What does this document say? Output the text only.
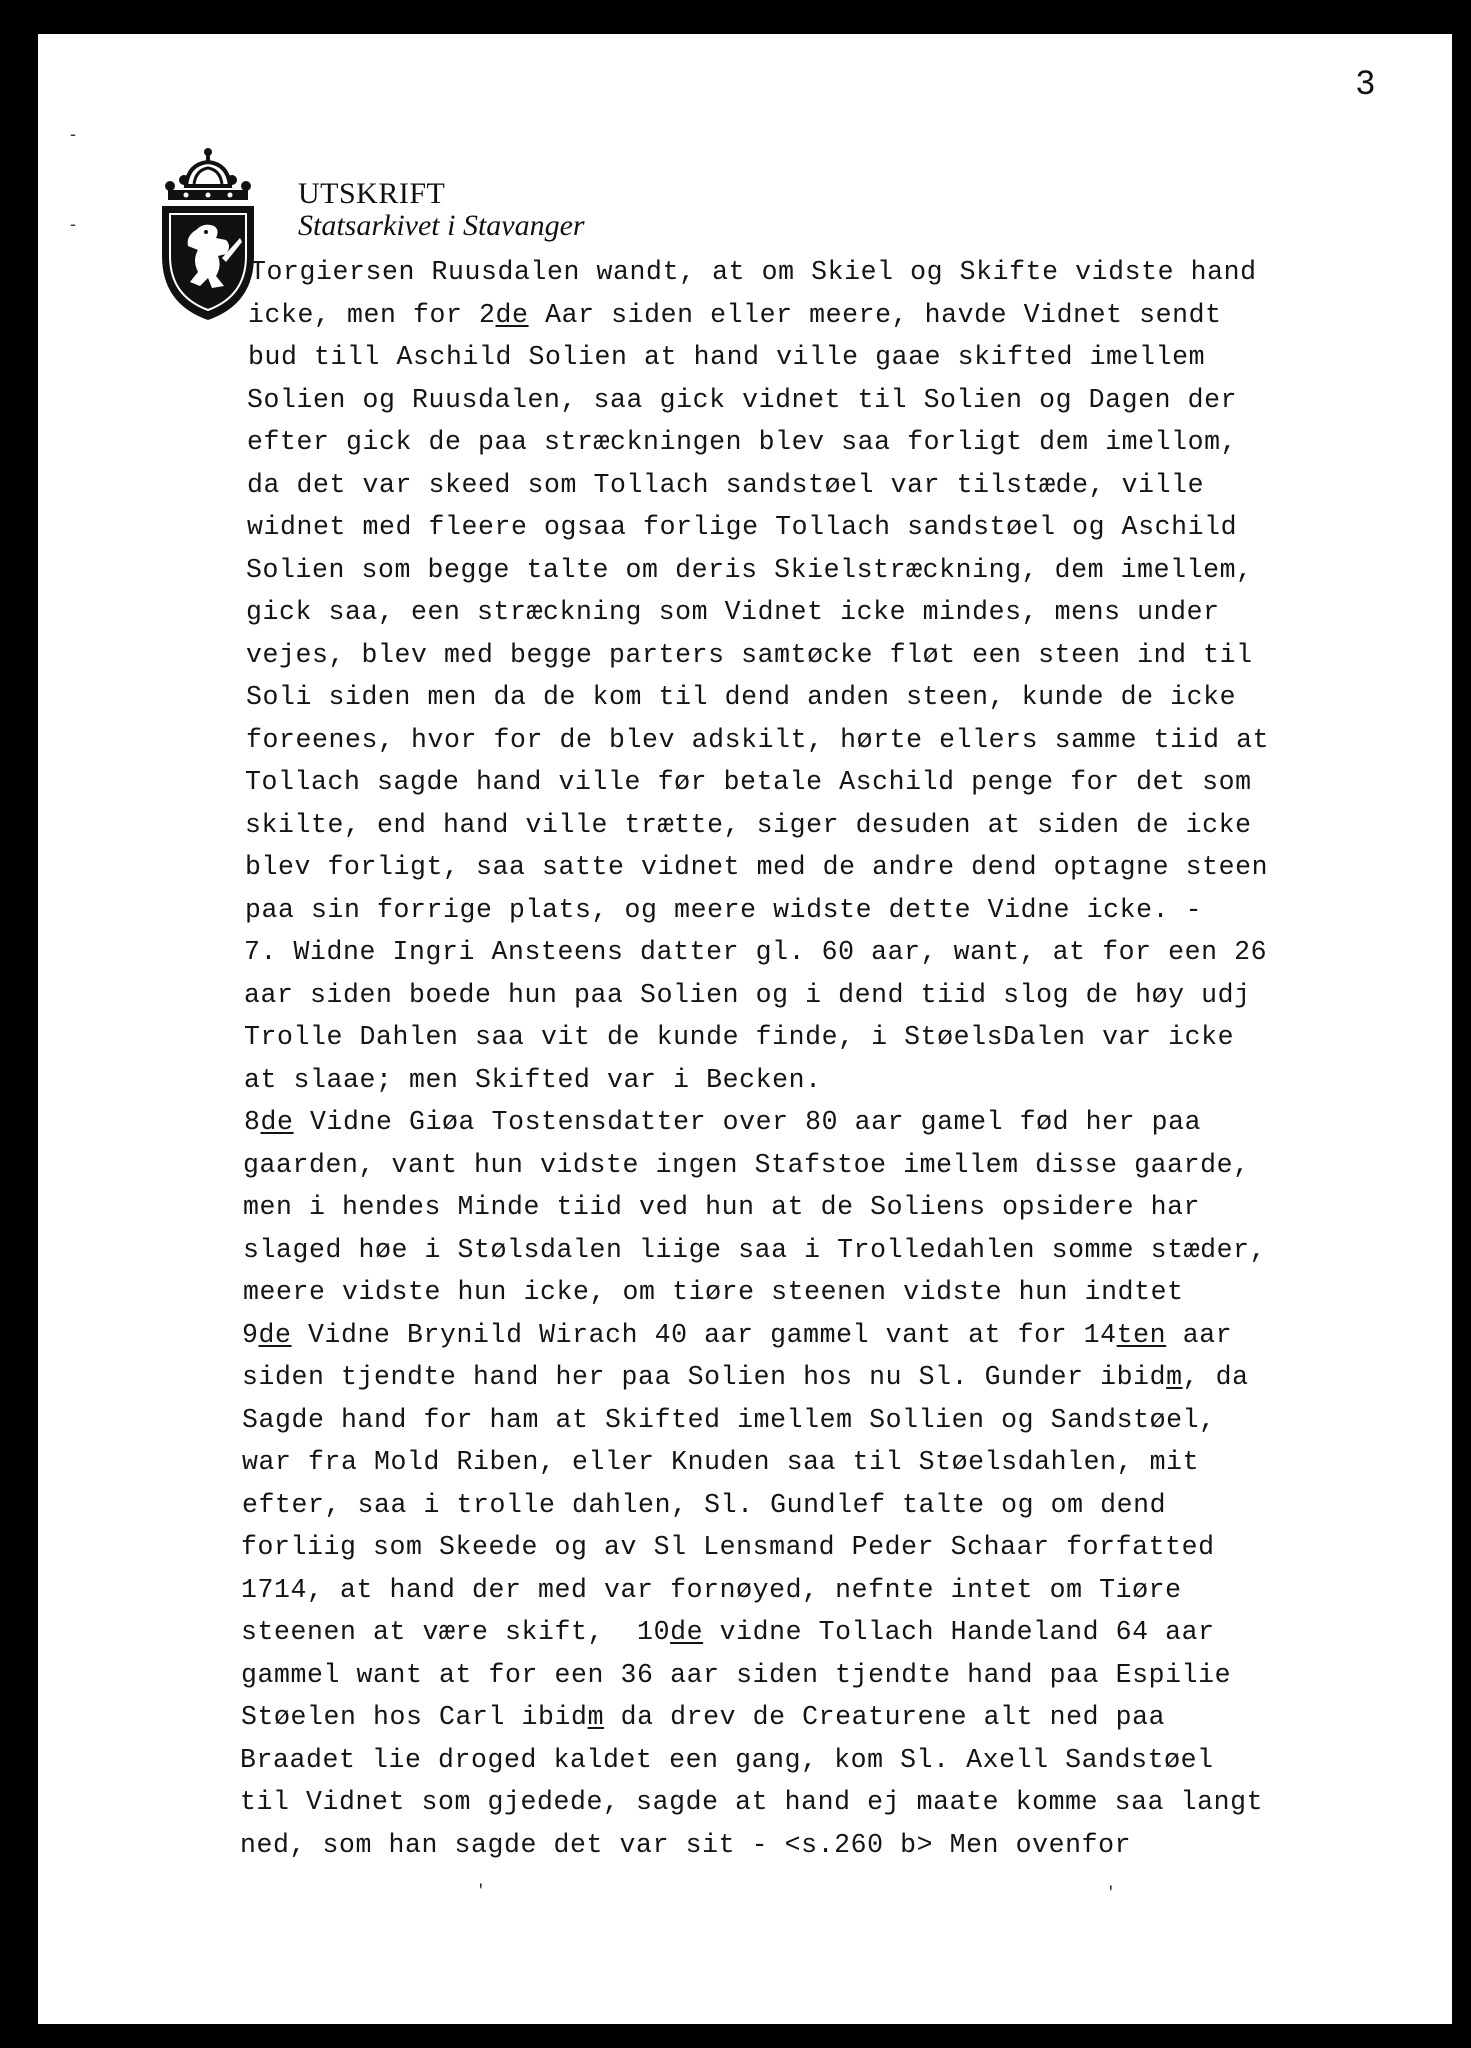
3
-
-
UTSKRIFT
Statsarkivet i Stavanger
Torgiersen Ruusdalen wandt, at om Skiel og Skifte vidste hand
icke, men for 2de Aar siden eller meere, havde Vidnet sendt
bud till Aschild Solien at hand ville gaae skifted imellem
Solien og Ruusdalen, saa gick vidnet til Solien og Dagen der
efter gick de paa stræckningen blev saa forligt dem imellom,
da det var skeed som Tollach sandstøel var tilstæde, ville
widnet med fleere ogsaa forlige Tollach sandstøel og Aschild
Solien som begge talte om deris Skielstræckning, dem imellem,
gick saa, een stræckning som Vidnet icke mindes, mens under
vejes, blev med begge parters samtøcke fløt een steen ind til
Soli siden men da de kom til dend anden steen, kunde de icke
foreenes, hvor for de blev adskilt, hørte ellers samme tiid at
Tollach sagde hand ville før betale Aschild penge for det som
skilte, end hand ville trætte, siger desuden at siden de icke
blev forligt, saa satte vidnet med de andre dend optagne steen
paa sin forrige plats, og meere widste dette Vidne icke. -
7. Widne Ingri Ansteens datter gl. 60 aar, want, at for een 26
aar siden boede hun paa Solien og i dend tiid slog de høy udj
Trolle Dahlen saa vit de kunde finde, i StøelsDalen var icke
at slaae; men Skifted var i Becken.
8de Vidne Giøa Tostensdatter over 80 aar gamel fød her paa
gaarden, vant hun vidste ingen Stafstoe imellem disse gaarde,
men i hendes Minde tiid ved hun at de Soliens opsidere har
slaged høe i Stølsdalen liige saa i Trolledahlen somme stæder,
meere vidste hun icke, om tiøre steenen vidste hun indtet
9de Vidne Brynild Wirach 40 aar gammel vant at for 14ten aar
siden tjendte hand her paa Solien hos nu Sl. Gunder ibidm, da
Sagde hand for ham at Skifted imellem Sollien og Sandstøel,
war fra Mold Riben, eller Knuden saa til Støelsdahlen, mit
efter, saa i trolle dahlen, Sl. Gundlef talte og om dend
forliig som Skeede og av Sl Lensmand Peder Schaar forfatted
1714, at hand der med var fornøyed, nefnte intet om Tiøre
steenen at være skift,  10de vidne Tollach Handeland 64 aar
gammel want at for een 36 aar siden tjendte hand paa Espilie
Støelen hos Carl ibidm da drev de Creaturene alt ned paa
Braadet lie droged kaldet een gang, kom Sl. Axell Sandstøel
til Vidnet som gjedede, sagde at hand ej maate komme saa langt
ned, som han sagde det var sit - <s.260 b> Men ovenfor
'	'
